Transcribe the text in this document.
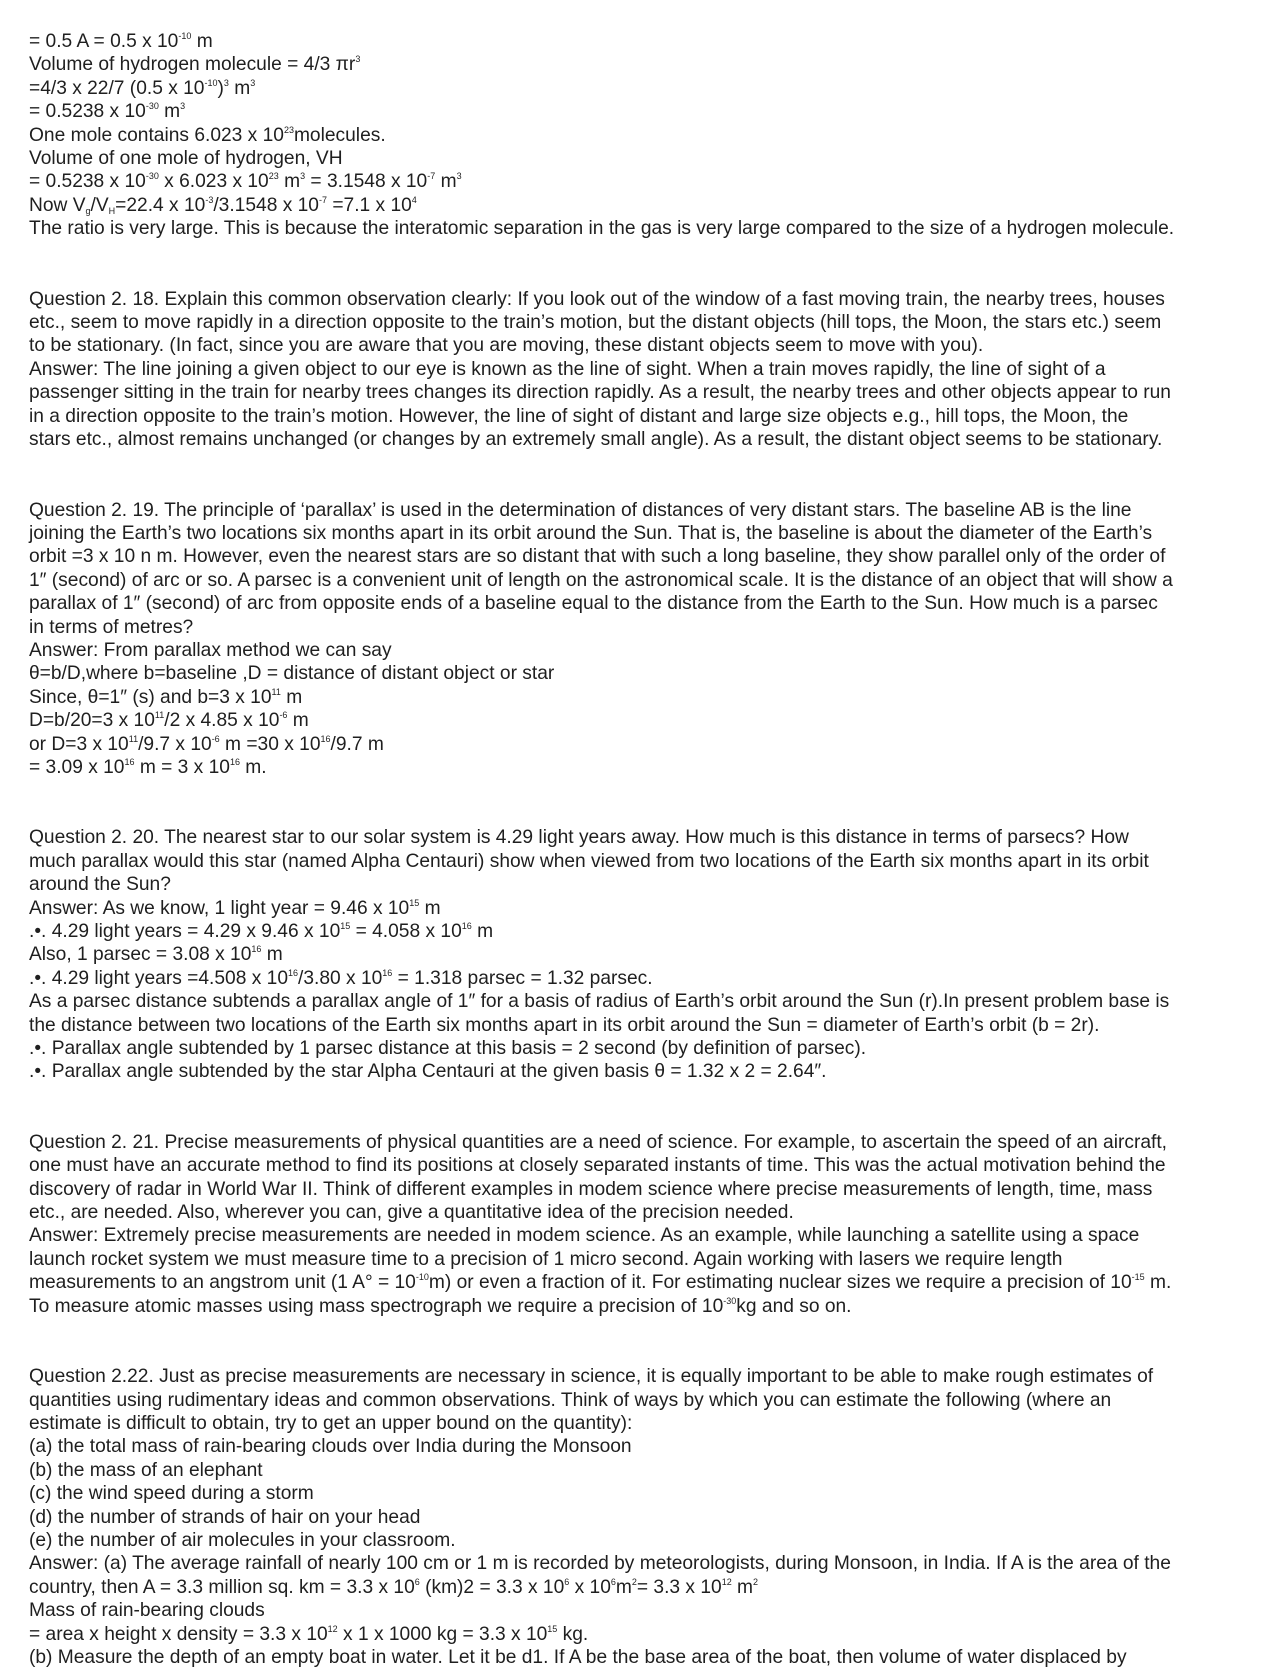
= 0.5 A = 0.5 x $10^{-10}$ m
Volume of hydrogen molecule = 4/3 $\pi r^3$
=4/3 x 22/7 (0.5 x $10^{-10})^3$ $m^3$
= 0.5238 x $10^{-30}$ $m^3$
One mole contains 6.023 x $10^{23}molecules$.
Volume of one mole of hydrogen, VH
= 0.5238 x $10^{-30}$ x 6.023 x $10^{23}$ $m^3 = 3.1548$ x $10^{-7}$ $m^3$
Now $V_g/V_H=22.4$ x $10^{-3}/3.1548$ x $10^{-7} =7.1$ x $10^4$
The ratio is very large. This is because the interatomic separation in the gas is very large compared to the size of a hydrogen molecule.
Question 2. 18. Explain this common observation clearly: If you look out of the window of a fast moving train, the nearby trees, houses
etc., seem to move rapidly in a direction opposite to the train’s motion, but the distant objects (hill tops, the Moon, the stars etc.) seem
to be stationary. (In fact, since you are aware that you are moving, these distant objects seem to move with you).
Answer: The line joining a given object to our eye is known as the line of sight. When a train moves rapidly, the line of sight of a
passenger sitting in the train for nearby trees changes its direction rapidly. As a result, the nearby trees and other objects appear to run
in a direction opposite to the train’s motion. However, the line of sight of distant and large size objects e.g., hill tops, the Moon, the
stars etc., almost remains unchanged (or changes by an extremely small angle). As a result, the distant object seems to be stationary.
Question 2. 19. The principle of ‘parallax’ is used in the determination of distances of very distant stars. The baseline AB is the line
joining the Earth’s two locations six months apart in its orbit around the Sun. That is, the baseline is about the diameter of the Earth’s
orbit =3 x 10 n m. However, even the nearest stars are so distant that with such a long baseline, they show parallel only of the order of
1″ (second) of arc or so. A parsec is a convenient unit of length on the astronomical scale. It is the distance of an object that will show a
parallax of 1″ (second) of arc from opposite ends of a baseline equal to the distance from the Earth to the Sun. How much is a parsec
in terms of metres?
Answer: From parallax method we can say
θ=b/D,where b=baseline ,D = distance of distant object or star
Since, θ=1″ (s) and b=3 x $10^{11}$ m
D=b/20=3 x $10^{11}/2$ x 4.85 x $10^{-6}$ m
or D=3 x $10^{11}/9.7$ x $10^{-6}$ m =30 x $10^{16}/9.7$ m
= 3.09 x $10^{16}$ m = 3 x $10^{16}$ m.
Question 2. 20. The nearest star to our solar system is 4.29 light years away. How much is this distance in terms of parsecs? How
much parallax would this star (named Alpha Centauri) show when viewed from two locations of the Earth six months apart in its orbit
around the Sun?
Answer: As we know, 1 light year = 9.46 x $10^{15}$ m
.•. 4.29 light years = 4.29 x 9.46 x $10^{15} = 4.058$ x $10^{16}$ m
Also, 1 parsec = 3.08 x $10^{16}$ m
.•. 4.29 light years =4.508 x $10^{16}/3.80$ x $10^{16} = 1.318$ parsec = 1.32 parsec.
As a parsec distance subtends a parallax angle of 1″ for a basis of radius of Earth’s orbit around the Sun (r).In present problem base is
the distance between two locations of the Earth six months apart in its orbit around the Sun = diameter of Earth’s orbit (b = 2r).
.•. Parallax angle subtended by 1 parsec distance at this basis = 2 second (by definition of parsec).
.•. Parallax angle subtended by the star Alpha Centauri at the given basis θ = 1.32 x 2 = 2.64″.
Question 2. 21. Precise measurements of physical quantities are a need of science. For example, to ascertain the speed of an aircraft,
one must have an accurate method to find its positions at closely separated instants of time. This was the actual motivation behind the
discovery of radar in World War II. Think of different examples in modem science where precise measurements of length, time, mass
etc., are needed. Also, wherever you can, give a quantitative idea of the precision needed.
Answer: Extremely precise measurements are needed in modem science. As an example, while launching a satellite using a space
launch rocket system we must measure time to a precision of 1 micro second. Again working with lasers we require length
measurements to an angstrom unit (1 $A^\circ = 10^{-10}m$) or even a fraction of it. For estimating nuclear sizes we require a precision of $10^{-15}$ m.
To measure atomic masses using mass spectrograph we require a precision of $10^{-30}kg$ and so on.
Question 2.22. Just as precise measurements are necessary in science, it is equally important to be able to make rough estimates of
quantities using rudimentary ideas and common observations. Think of ways by which you can estimate the following (where an
estimate is difficult to obtain, try to get an upper bound on the quantity):
(a) the total mass of rain-bearing clouds over India during the Monsoon
(b) the mass of an elephant
(c) the wind speed during a storm
(d) the number of strands of hair on your head
(e) the number of air molecules in your classroom.
Answer: (a) The average rainfall of nearly 100 cm or 1 m is recorded by meteorologists, during Monsoon, in India. If A is the area of the
country, then A = 3.3 million sq. km = 3.3 x $10^6$ (km)2 = 3.3 x $10^6$ x $10^6m^2= 3.3$ x $10^{12}$ $m^2$
Mass of rain-bearing clouds
= area x height x density = 3.3 x $10^{12}$ x 1 x 1000 kg = 3.3 x $10^{15}$ kg.
(b) Measure the depth of an empty boat in water. Let it be d1. If A be the base area of the boat, then volume of water displaced by
